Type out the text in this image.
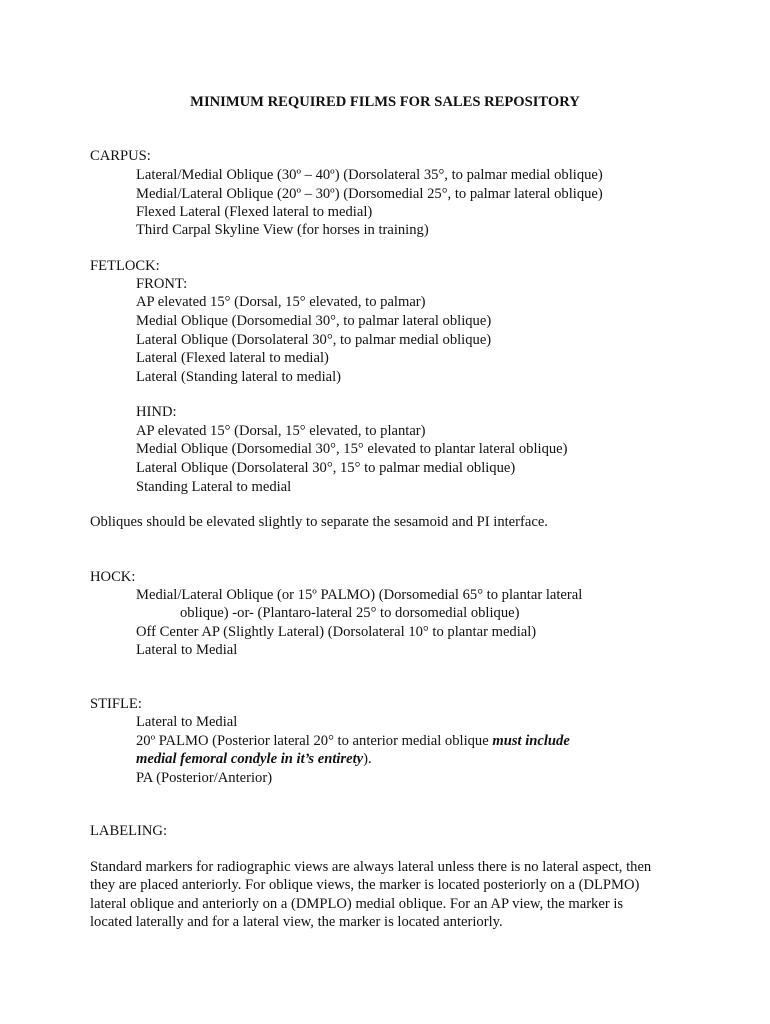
MINIMUM REQUIRED FILMS FOR SALES REPOSITORY
CARPUS:
Lateral/Medial Oblique (30º – 40º) (Dorsolateral 35°, to palmar medial oblique)
Medial/Lateral Oblique (20º – 30º) (Dorsomedial 25°, to palmar lateral oblique)
Flexed Lateral (Flexed lateral to medial)
Third Carpal Skyline View (for horses in training)
FETLOCK:
FRONT:
AP elevated 15° (Dorsal, 15° elevated, to palmar)
Medial Oblique (Dorsomedial 30°, to palmar lateral oblique)
Lateral Oblique (Dorsolateral 30°, to palmar medial oblique)
Lateral (Flexed lateral to medial)
Lateral (Standing lateral to medial)
HIND:
AP elevated 15° (Dorsal, 15° elevated, to plantar)
Medial Oblique (Dorsomedial 30°, 15° elevated to plantar lateral oblique)
Lateral Oblique (Dorsolateral 30°, 15° to palmar medial oblique)
Standing Lateral to medial
Obliques should be elevated slightly to separate the sesamoid and PI interface.
HOCK:
Medial/Lateral Oblique (or 15º PALMO) (Dorsomedial 65° to plantar lateral
oblique) -or- (Plantaro-lateral 25° to dorsomedial oblique)
Off Center AP (Slightly Lateral) (Dorsolateral 10° to plantar medial)
Lateral to Medial
STIFLE:
Lateral to Medial
20º PALMO (Posterior lateral 20° to anterior medial oblique must include
medial femoral condyle in it’s entirety).
PA (Posterior/Anterior)
LABELING:
Standard markers for radiographic views are always lateral unless there is no lateral aspect, then
they are placed anteriorly. For oblique views, the marker is located posteriorly on a (DLPMO)
lateral oblique and anteriorly on a (DMPLO) medial oblique. For an AP view, the marker is
located laterally and for a lateral view, the marker is located anteriorly.
